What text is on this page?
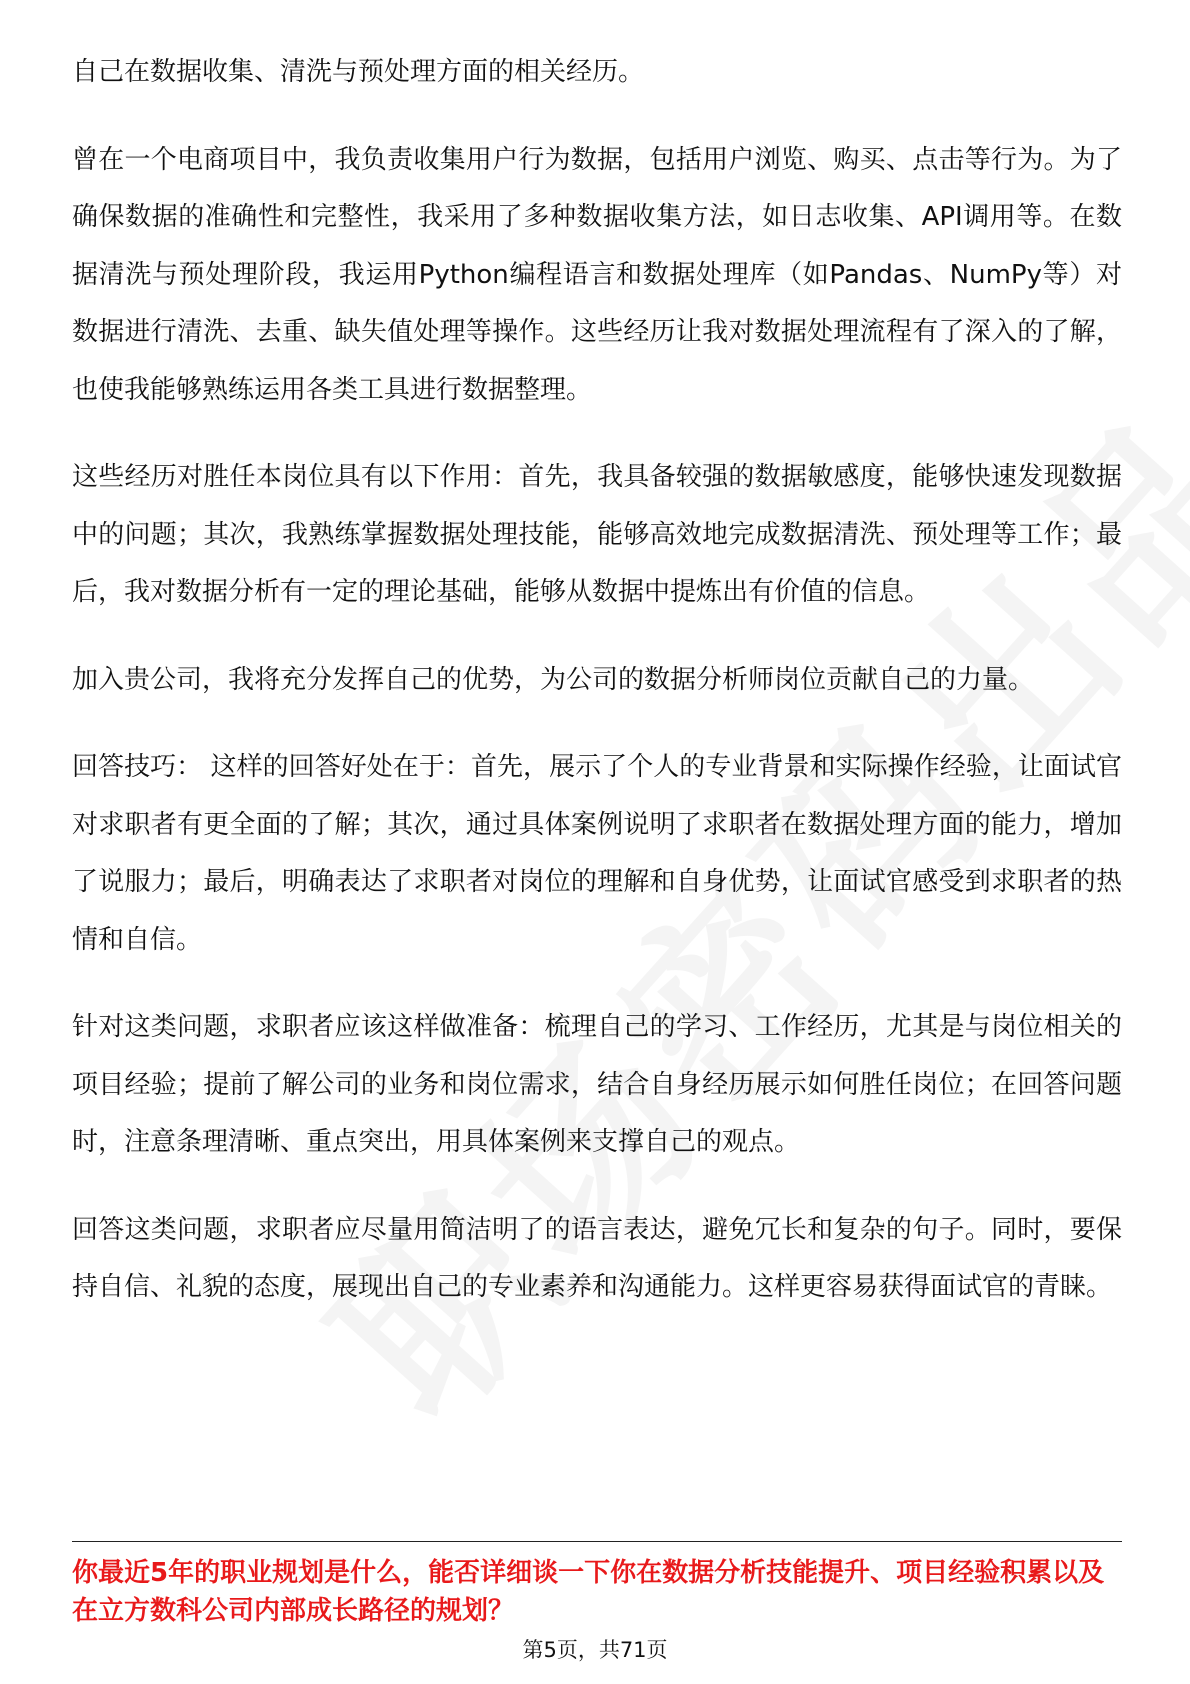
自己在数据收集、清洗与预处理方面的相关经历。

曾在一个电商项目中，我负责收集用户行为数据，包括用户浏览、购买、点击等行为。为了确保数据的准确性和完整性，我采用了多种数据收集方法，如日志收集、API调用等。在数据清洗与预处理阶段，我运用Python编程语言和数据处理库（如Pandas、NumPy等）对数据进行清洗、去重、缺失值处理等操作。这些经历让我对数据处理流程有了深入的了解，也使我能够熟练运用各类工具进行数据整理。

这些经历对胜任本岗位具有以下作用：首先，我具备较强的数据敏感度，能够快速发现数据中的问题；其次，我熟练掌握数据处理技能，能够高效地完成数据清洗、预处理等工作；最后，我对数据分析有一定的理论基础，能够从数据中提炼出有价值的信息。

加入贵公司，我将充分发挥自己的优势，为公司的数据分析师岗位贡献自己的力量。

回答技巧： 这样的回答好处在于：首先，展示了个人的专业背景和实际操作经验，让面试官对求职者有更全面的了解；其次，通过具体案例说明了求职者在数据处理方面的能力，增加了说服力；最后，明确表达了求职者对岗位的理解和自身优势，让面试官感受到求职者的热情和自信。

针对这类问题，求职者应该这样做准备：梳理自己的学习、工作经历，尤其是与岗位相关的项目经验；提前了解公司的业务和岗位需求，结合自身经历展示如何胜任岗位；在回答问题时，注意条理清晰、重点突出，用具体案例来支撑自己的观点。

回答这类问题，求职者应尽量用简洁明了的语言表达，避免冗长和复杂的句子。同时，要保持自信、礼貌的态度，展现出自己的专业素养和沟通能力。这样更容易获得面试官的青睐。

你最近5年的职业规划是什么，能否详细谈一下你在数据分析技能提升、项目经验积累以及在立方数科公司内部成长路径的规划？
第5页，共71页
